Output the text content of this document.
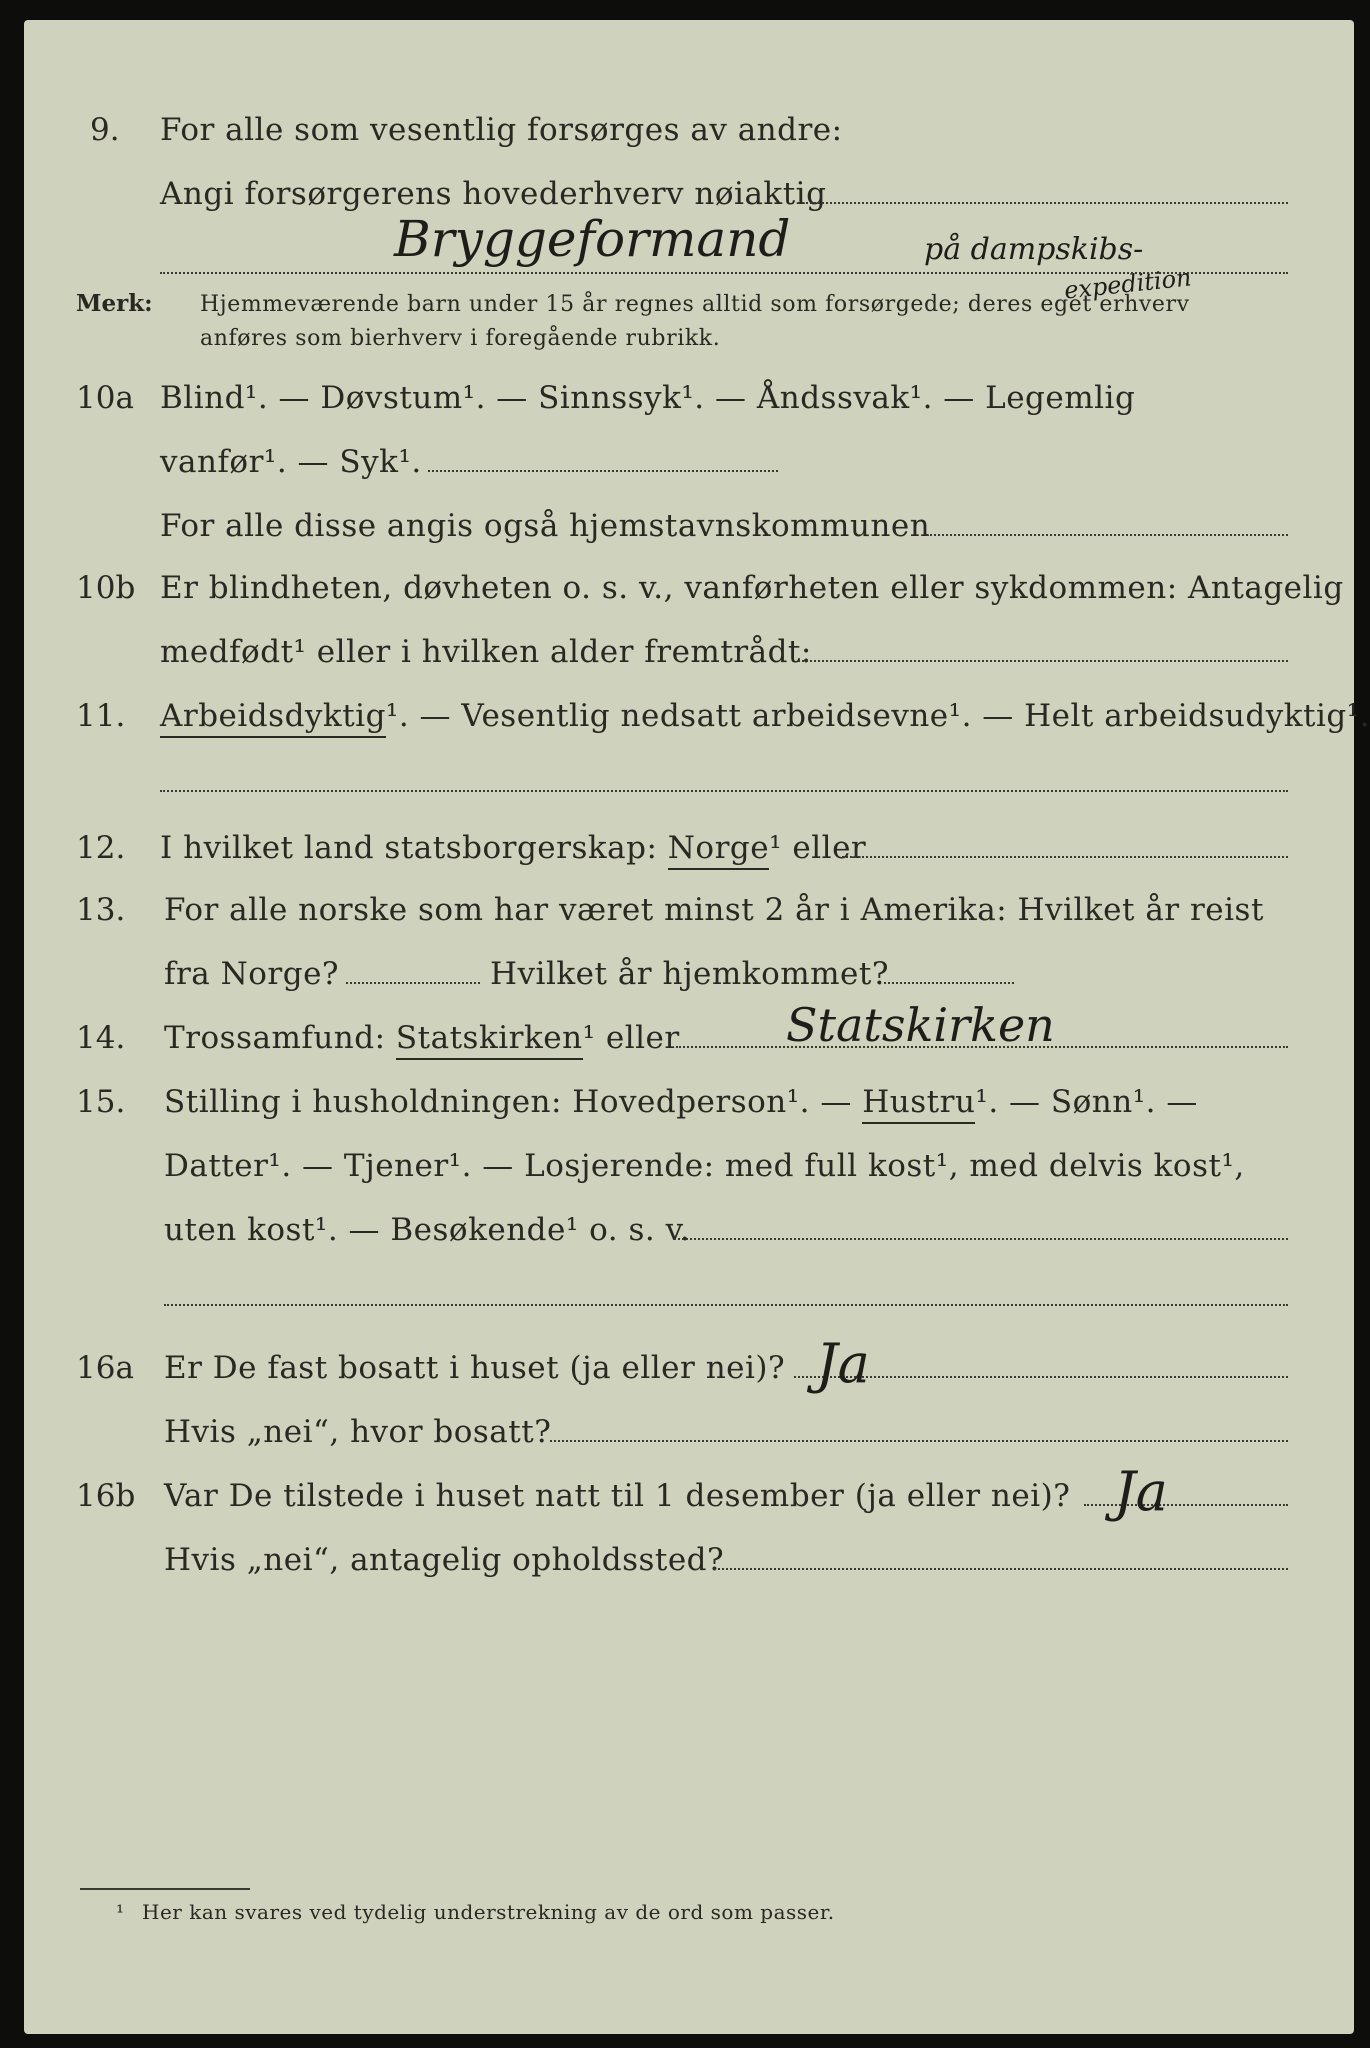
9. For alle som vesentlig forsørges av andre:
Angi forsørgerens hovederhverv nøiaktig
Bryggeformand	på dampskibs-
expedition
Merk: Hjemmeværende barn under 15 år regnes alltid som forsørgede; deres eget erhverv
anføres som bierhverv i foregående rubrikk.
10a Blind¹. — Døvstum¹. — Sinnssyk¹. — Åndssvak¹. — Legemlig
vanfør¹. — Syk¹.
For alle disse angis også hjemstavnskommunen
10b Er blindheten, døvheten o. s. v., vanførheten eller sykdommen: Antagelig
medfødt¹ eller i hvilken alder fremtrådt:
11. Arbeidsdyktig¹. — Vesentlig nedsatt arbeidsevne¹. — Helt arbeidsudyktig¹.
12. I hvilket land statsborgerskap: Norge¹ eller
13. For alle norske som har været minst 2 år i Amerika: Hvilket år reist
fra Norge?	Hvilket år hjemkommet?
14. Trossamfund: Statskirken¹ eller Statskirken
15. Stilling i husholdningen: Hovedperson¹. — Hustru¹. — Sønn¹. —
Datter¹. — Tjener¹. — Losjerende: med full kost¹, med delvis kost¹,
uten kost¹. — Besøkende¹ o. s. v.
16a Er De fast bosatt i huset (ja eller nei)? Ja
Hvis „nei“, hvor bosatt?
16b Var De tilstede i huset natt til 1 desember (ja eller nei)? Ja
Hvis „nei“, antagelig opholdssted?
¹ Her kan svares ved tydelig understrekning av de ord som passer.
